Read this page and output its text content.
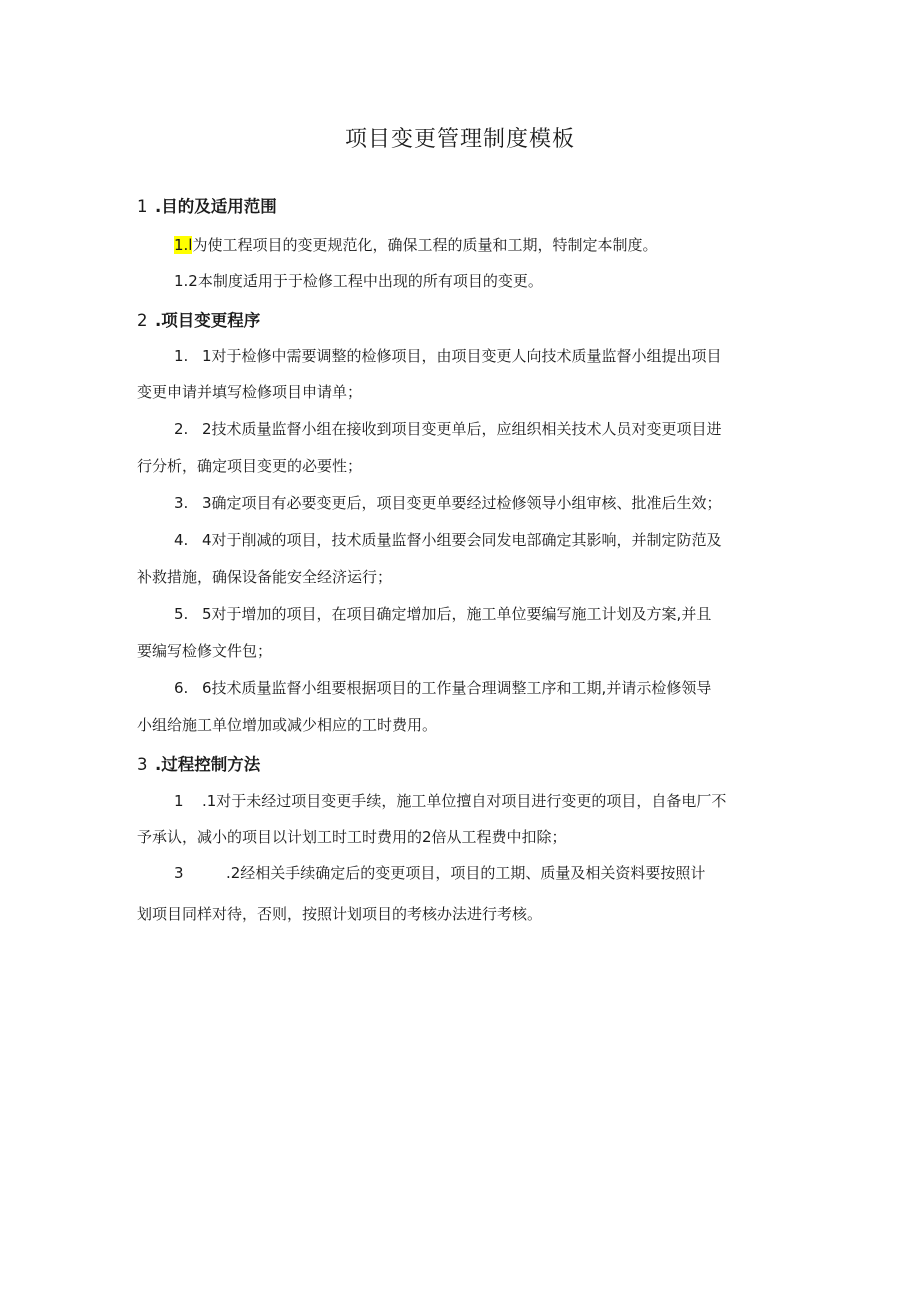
项目变更管理制度模板
1 .目的及适用范围
1.l为使工程项目的变更规范化，确保工程的质量和工期，特制定本制度。
1.2本制度适用于于检修工程中出现的所有项目的变更。
2 .项目变更程序
1. 1对于检修中需要调整的检修项目，由项目变更人向技术质量监督小组提出项目
变更申请并填写检修项目申请单；
2. 2技术质量监督小组在接收到项目变更单后，应组织相关技术人员对变更项目进
行分析，确定项目变更的必要性；
3. 3确定项目有必要变更后，项目变更单要经过检修领导小组审核、批准后生效；
4. 4对于削减的项目，技术质量监督小组要会同发电部确定其影响，并制定防范及
补救措施，确保设备能安全经济运行；
5. 5对于增加的项目，在项目确定增加后，施工单位要编写施工计划及方案,并且
要编写检修文件包；
6. 6技术质量监督小组要根据项目的工作量合理调整工序和工期,并请示检修领导
小组给施工单位增加或减少相应的工时费用。
3 .过程控制方法
1 .1对于未经过项目变更手续，施工单位擅自对项目进行变更的项目，自备电厂不
予承认，减小的项目以计划工时工时费用的2倍从工程费中扣除；
3	.2经相关手续确定后的变更项目，项目的工期、质量及相关资料要按照计
划项目同样对待，否则，按照计划项目的考核办法进行考核。
